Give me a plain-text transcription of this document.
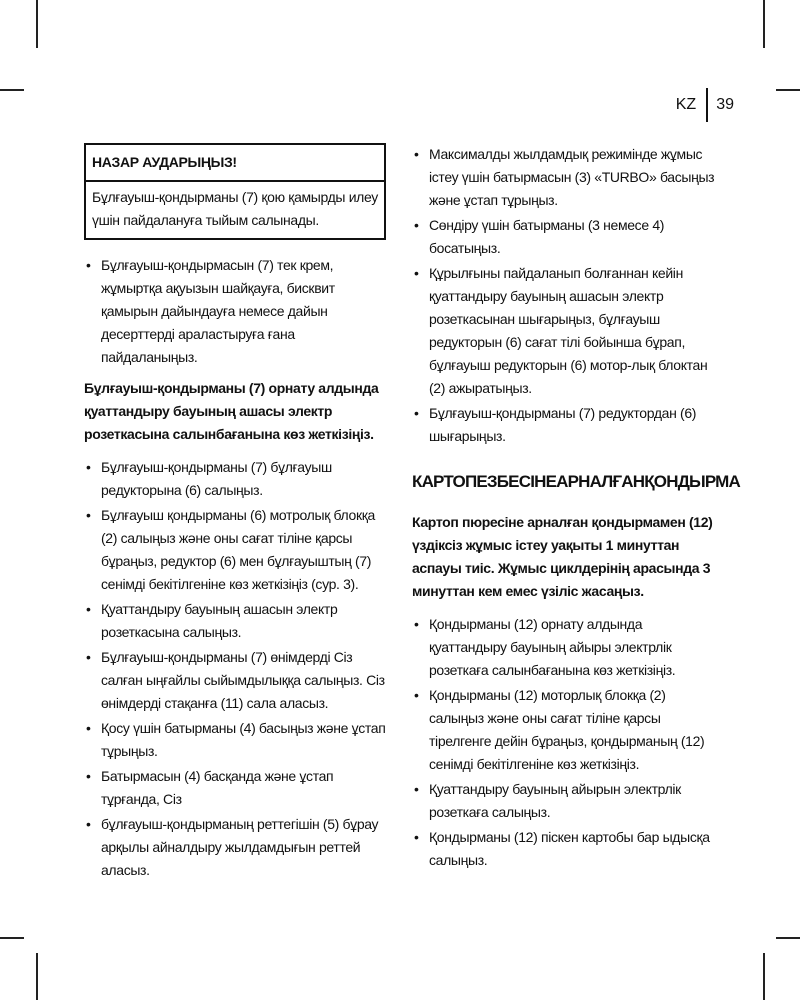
KZ	39
НАЗАР АУДАРЫҢЫЗ!
Бұлғауыш-қондырманы (7) қою қамырды илеу үшін пайдалануға тыйым салынады.
• Бұлғауыш-қондырмасын (7) тек крем, жұмыртқа ақуызын шайқауға, бисквит қамырын дайындауға немесе дайын десерттерді араластыруға ғана пайдаланыңыз.

Бұлғауыш-қондырманы (7) орнату алдында қуаттандыру бауының ашасы электр розеткасына салынбағанына көз жеткізіңіз.

• Бұлғауыш-қондырманы (7) бұлғауыш редукторына (6) салыңыз.
• Бұлғауыш қондырманы (6) мотролық блокқа (2) салыңыз және оны сағат тіліне қарсы бұраңыз, редуктор (6) мен бұлғауыштың (7) сенімді бекітілгеніне көз жеткізіңіз (сур. 3).
• Қуаттандыру бауының ашасын электр розеткасына салыңыз.
• Бұлғауыш-қондырманы (7) өнімдерді Сіз салған ыңғайлы сыйымдылыққа салыңыз. Сіз өнімдерді стақанға (11) сала аласыз.
• Қосу үшін батырманы (4) басыңыз және ұстап тұрыңыз.
• Батырмасын (4) басқанда және ұстап тұрғанда, Сіз
• бұлғауыш-қондырманың реттегішін (5) бұрау арқылы айналдыру жылдамдығын реттей аласыз.
• Максималды жылдамдық режимінде жұмыс істеу үшін батырмасын (3) «TURBO» басыңыз және ұстап тұрыңыз.
• Сөндіру үшін батырманы (3 немесе 4) босатыңыз.
• Құрылғыны пайдаланып болғаннан кейін қуаттандыру бауының ашасын электр розеткасынан шығарыңыз, бұлғауыш редукторын (6) сағат тілі бойынша бұрап, бұлғауыш редукторын (6) мотор-лық блоктан (2) ажыратыңыз.
• Бұлғауыш-қондырманы (7) редуктордан (6) шығарыңыз.
КАРТОПЕЗБЕСІНЕАРНАЛҒАНҚОНДЫРМА

Картоп пюресіне арналған қондырмамен (12) үздіксіз жұмыс істеу уақыты 1 минуттан аспауы тиіс. Жұмыс циклдерінің арасында 3 минуттан кем емес үзіліс жасаңыз.

• Қондырманы (12) орнату алдында қуаттандыру бауының айыры электрлік розеткаға салынбағанына көз жеткізіңіз.
• Қондырманы (12) моторлық блокқа (2) салыңыз және оны сағат тіліне қарсы тірелгенге дейін бұраңыз, қондырманың (12) сенімді бекітілгеніне көз жеткізіңіз.
• Қуаттандыру бауының айырын электрлік розеткаға салыңыз.
• Қондырманы (12) піскен картобы бар ыдысқа салыңыз.
